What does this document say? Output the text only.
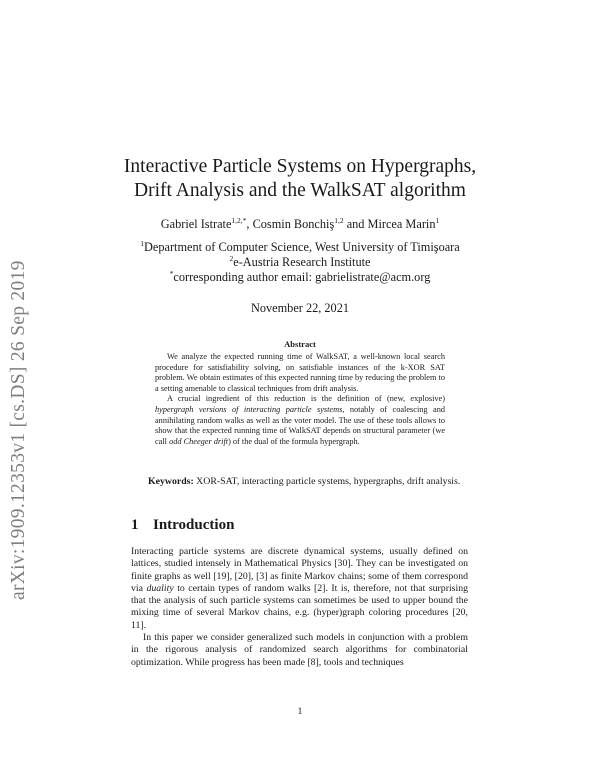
arXiv:1909.12353v1 [cs.DS] 26 Sep 2019
Interactive Particle Systems on Hypergraphs,
Drift Analysis and the WalkSAT algorithm
Gabriel Istrate$^{1,2,*}$, Cosmin Bonchiş$^{1,2}$ and Mircea Marin$^1$
$^1$Department of Computer Science, West University of Timişoara
$^2$e-Austria Research Institute
*corresponding author email: gabrielistrate@acm.org
November 22, 2021
Abstract

We analyze the expected running time of WalkSAT, a well-known local search procedure for satisfiability solving, on satisfiable instances of the k-XOR SAT problem. We obtain estimates of this expected running time by reducing the problem to a setting amenable to classical techniques from drift analysis.

A crucial ingredient of this reduction is the definition of (new, explosive) hypergraph versions of interacting particle systems, notably of coalescing and annihilating random walks as well as the voter model. The use of these tools allows to show that the expected running time of WalkSAT depends on structural parameter (we call odd Cheeger drift) of the dual of the formula hypergraph.

Keywords: XOR-SAT, interacting particle systems, hypergraphs, drift analysis.
1 Introduction

Interacting particle systems are discrete dynamical systems, usually defined on lattices, studied intensely in Mathematical Physics [30]. They can be investigated on finite graphs as well [19], [20], [3] as finite Markov chains; some of them correspond via duality to certain types of random walks [2]. It is, therefore, not that surprising that the analysis of such particle systems can sometimes be used to upper bound the mixing time of several Markov chains, e.g. (hyper)graph coloring procedures [20, 11].

In this paper we consider generalized such models in conjunction with a problem in the rigorous analysis of randomized search algorithms for combinatorial optimization. While progress has been made [8], tools and techniques

1
